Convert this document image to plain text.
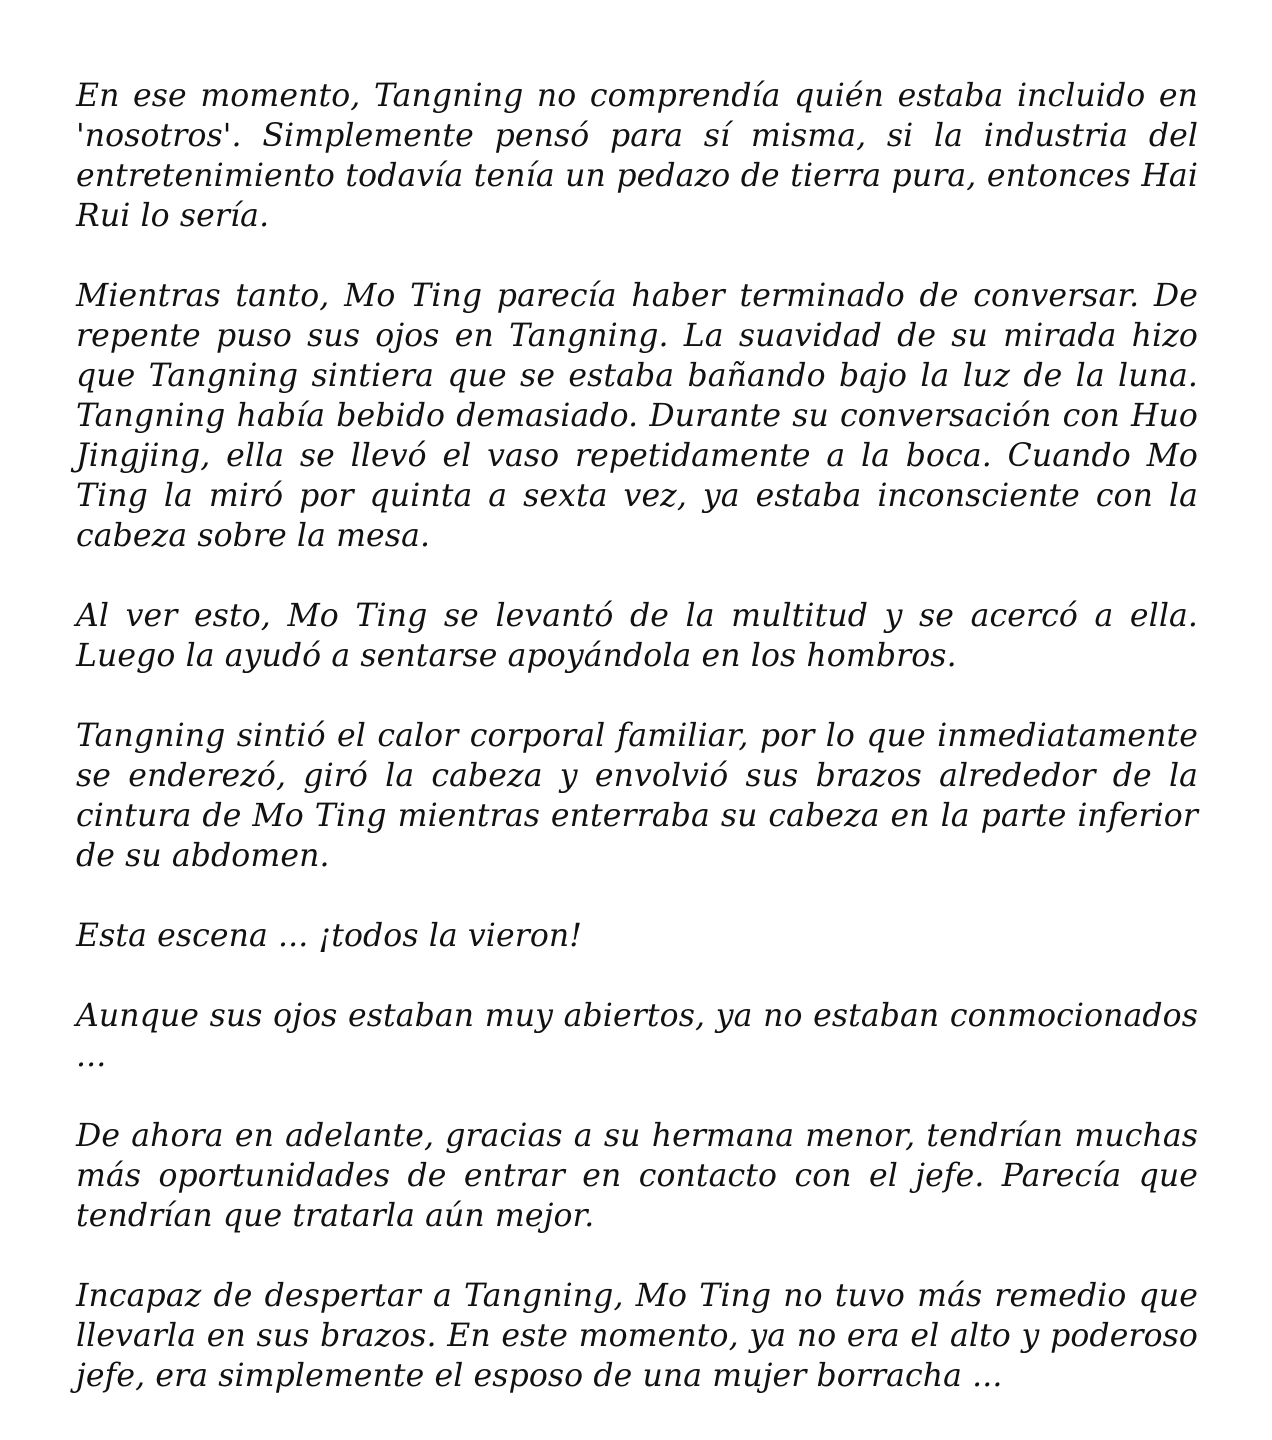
En ese momento, Tangning no comprendía quién estaba incluido en 'nosotros'. Simplemente pensó para sí misma, si la industria del entretenimiento todavía tenía un pedazo de tierra pura, entonces Hai Rui lo sería.

Mientras tanto, Mo Ting parecía haber terminado de conversar. De repente puso sus ojos en Tangning. La suavidad de su mirada hizo que Tangning sintiera que se estaba bañando bajo la luz de la luna. Tangning había bebido demasiado. Durante su conversación con Huo Jingjing, ella se llevó el vaso repetidamente a la boca. Cuando Mo Ting la miró por quinta a sexta vez, ya estaba inconsciente con la cabeza sobre la mesa.

Al ver esto, Mo Ting se levantó de la multitud y se acercó a ella. Luego la ayudó a sentarse apoyándola en los hombros.

Tangning sintió el calor corporal familiar, por lo que inmediatamente se enderezó, giró la cabeza y envolvió sus brazos alrededor de la cintura de Mo Ting mientras enterraba su cabeza en la parte inferior de su abdomen.

Esta escena ... ¡todos la vieron!

Aunque sus ojos estaban muy abiertos, ya no estaban conmocionados ...

De ahora en adelante, gracias a su hermana menor, tendrían muchas más oportunidades de entrar en contacto con el jefe. Parecía que tendrían que tratarla aún mejor.

Incapaz de despertar a Tangning, Mo Ting no tuvo más remedio que llevarla en sus brazos. En este momento, ya no era el alto y poderoso jefe, era simplemente el esposo de una mujer borracha ...
